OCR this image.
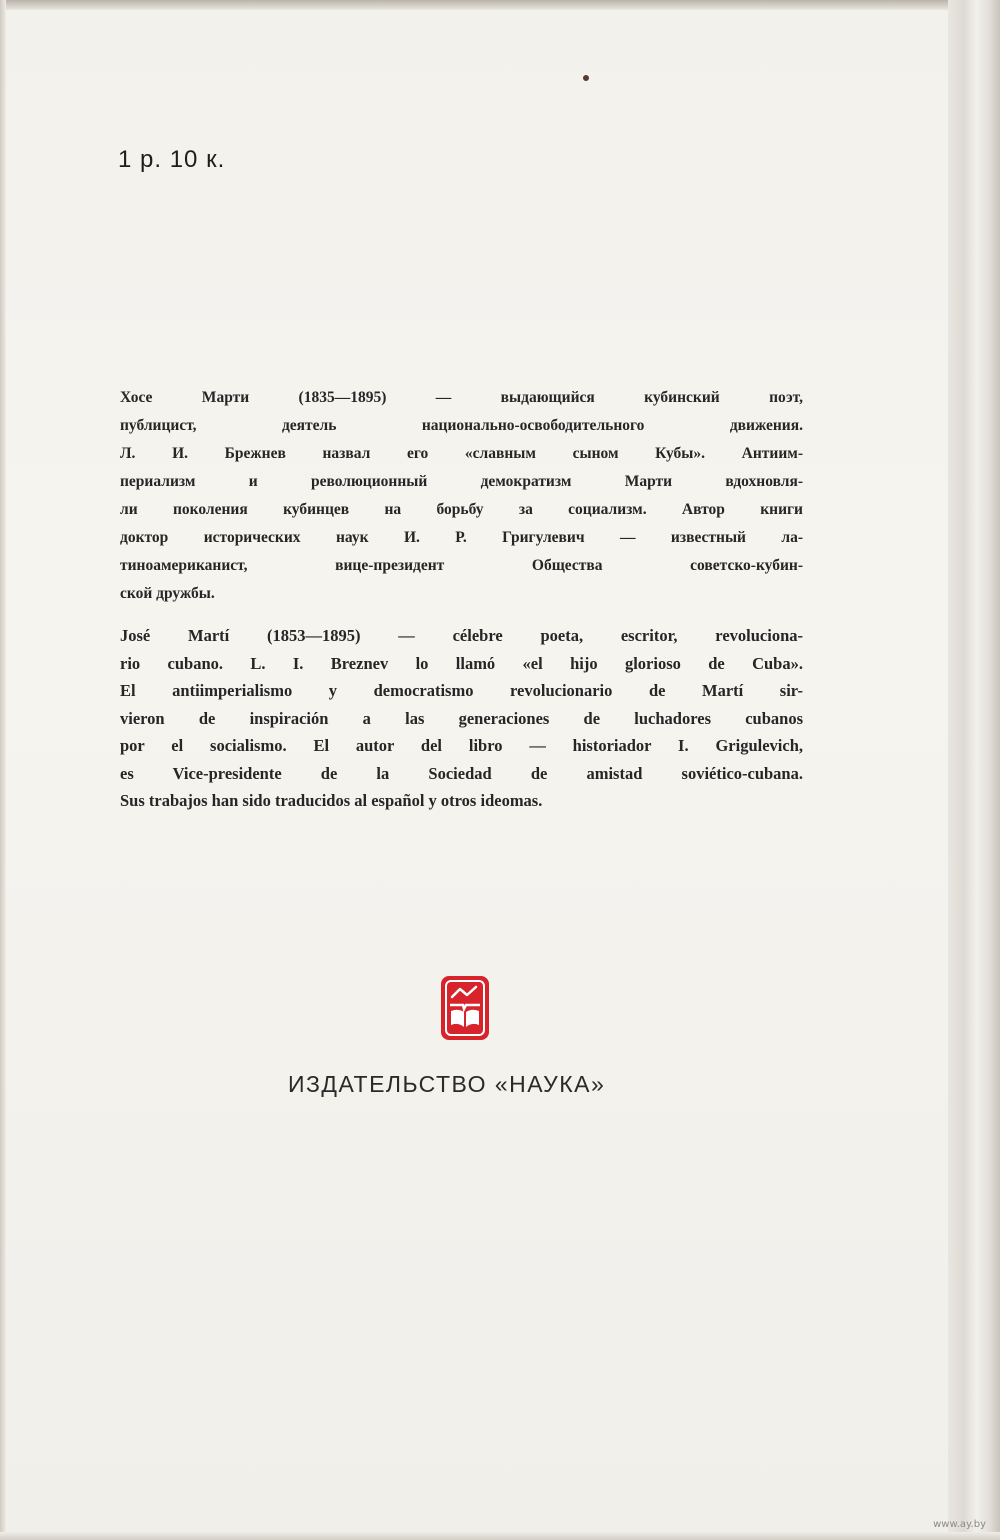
1 р. 10 к.

Хосе Марти (1835—1895) — выдающийся кубинский поэт,
публицист, деятель национально-освободительного движения.
Л. И. Брежнев назвал его «славным сыном Кубы». Антиим-
периализм и революционный демократизм Марти вдохновля-
ли поколения кубинцев на борьбу за социализм. Автор книги
доктор исторических наук И. Р. Григулевич — известный ла-
тиноамериканист, вице-президент Общества советско-кубин-
ской дружбы.
José Martí (1853—1895) — célebre poeta, escritor, revoluciona-
rio cubano. L. I. Breznev lo llamó «el hijo glorioso de Cuba».
El antiimperialismo y democratismo revolucionario de Martí sir-
vieron de inspiración a las generaciones de luchadores cubanos
por el socialismo. El autor del libro — historiador I. Grigulevich,
es Vice-presidente de la Sociedad de amistad soviético-cubana.
Sus trabajos han sido traducidos al español y otros ideomas.

ИЗДАТЕЛЬСТВО «НАУКА»

www.ay.by
